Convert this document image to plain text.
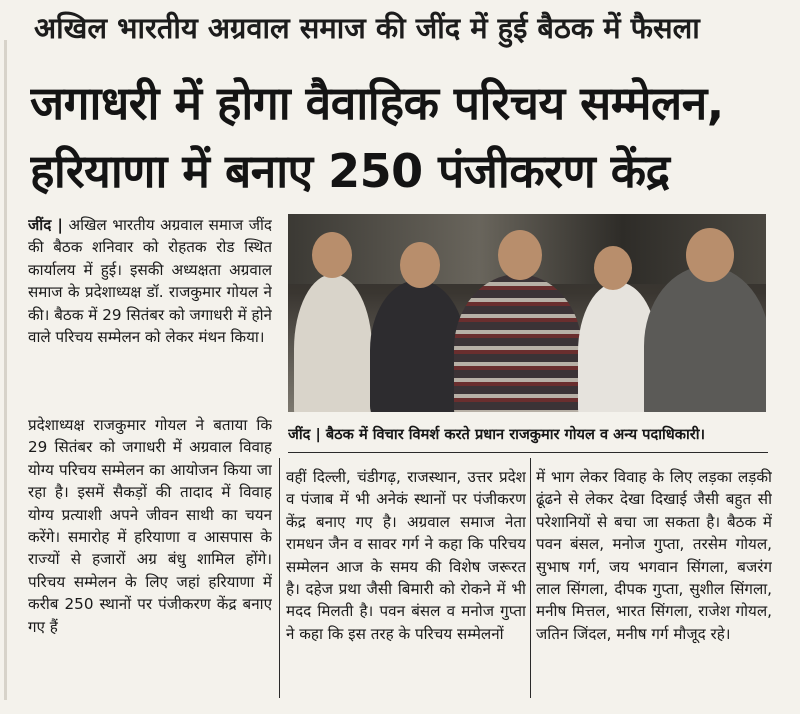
अखिल भारतीय अग्रवाल समाज की जींद में हुई बैठक में फैसला
जगाधरी में होगा वैवाहिक परिचय सम्मेलन,
हरियाणा में बनाए 250 पंजीकरण केंद्र
जींद | अखिल भारतीय अग्रवाल समाज जींद की बैठक शनिवार को रोहतक रोड स्थित कार्यालय में हुई। इसकी अध्यक्षता अग्रवाल समाज के प्रदेशाध्यक्ष डॉ. राजकुमार गोयल ने की। बैठक में 29 सितंबर को जगाधरी में होने वाले परिचय सम्मेलन को लेकर मंथन किया।
जींद | बैठक में विचार विमर्श करते प्रधान राजकुमार गोयल व अन्य पदाधिकारी।
प्रदेशाध्यक्ष राजकुमार गोयल ने बताया कि 29 सितंबर को जगाधरी में अग्रवाल विवाह योग्य परिचय सम्मेलन का आयोजन किया जा रहा है। इसमें सैकड़ों की तादाद में विवाह योग्य प्रत्याशी अपने जीवन साथी का चयन करेंगे। समारोह में हरियाणा व आसपास के राज्यों से हजारों अग्र बंधु शामिल होंगे। परिचय सम्मेलन के लिए जहां हरियाणा में करीब 250 स्थानों पर पंजीकरण केंद्र बनाए गए हैं
वहीं दिल्ली, चंडीगढ़, राजस्थान, उत्तर प्रदेश व पंजाब में भी अनेकं स्थानों पर पंजीकरण केंद्र बनाए गए है। अग्रवाल समाज नेता रामधन जैन व सावर गर्ग ने कहा कि परिचय सम्मेलन आज के समय की विशेष जरूरत है। दहेज प्रथा जैसी बिमारी को रोकने में भी मदद मिलती है। पवन बंसल व मनोज गुप्ता ने कहा कि इस तरह के परिचय सम्मेलनों
में भाग लेकर विवाह के लिए लड़का लड़की ढूंढने से लेकर देखा दिखाई जैसी बहुत सी परेशानियों से बचा जा सकता है। बैठक में पवन बंसल, मनोज गुप्ता, तरसेम गोयल, सुभाष गर्ग, जय भगवान सिंगला, बजरंग लाल सिंगला, दीपक गुप्ता, सुशील सिंगला, मनीष मित्तल, भारत सिंगला, राजेश गोयल, जतिन जिंदल, मनीष गर्ग मौजूद रहे।
